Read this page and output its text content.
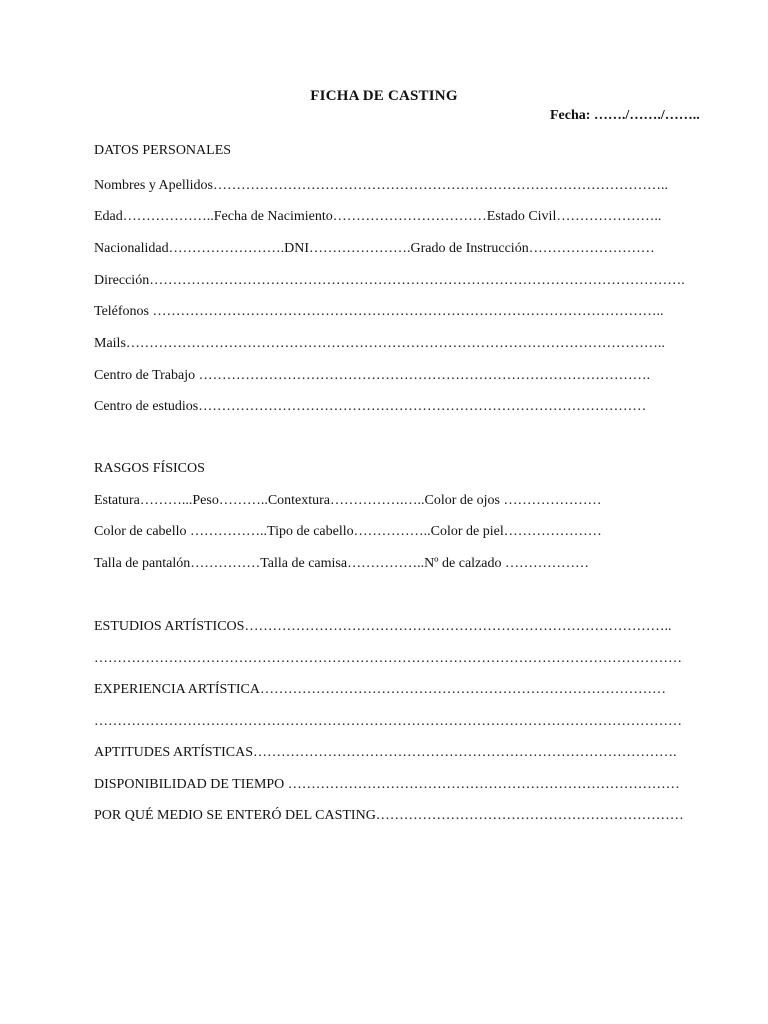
FICHA DE CASTING
Fecha: ……./……./……..
DATOS PERSONALES
Nombres y Apellidos……………………………………………………………………………………..
Edad………………..Fecha de Nacimiento……………………………Estado Civil…………………..
Nacionalidad…………………….DNI………………….Grado de Instrucción………………………
Dirección…………………………………………………………………………………………………….
Teléfonos ………………………………………………………………………………………………..
Mails……………………………………………………………………………………………………..
Centro de Trabajo …………………………………………………………………………………….
Centro de estudios……………………………………………………………………………………
RASGOS FÍSICOS
Estatura………...Peso………..Contextura…………….…..Color de ojos …………………
Color de cabello ……………..Tipo de cabello……………..Color de piel…………………
Talla de pantalón……………Talla de camisa……………..Nº de calzado ………………
ESTUDIOS ARTÍSTICOS………………………………………………………………………………..
………………………………………………………………………………………………………………
EXPERIENCIA ARTÍSTICA……………………………………………………………………………
………………………………………………………………………………………………………………
APTITUDES ARTÍSTICAS……………………………………………………………………………….
DISPONIBILIDAD DE TIEMPO …………………………………………………………………………
POR QUÉ MEDIO SE ENTERÓ DEL CASTING…………………………………………………………
